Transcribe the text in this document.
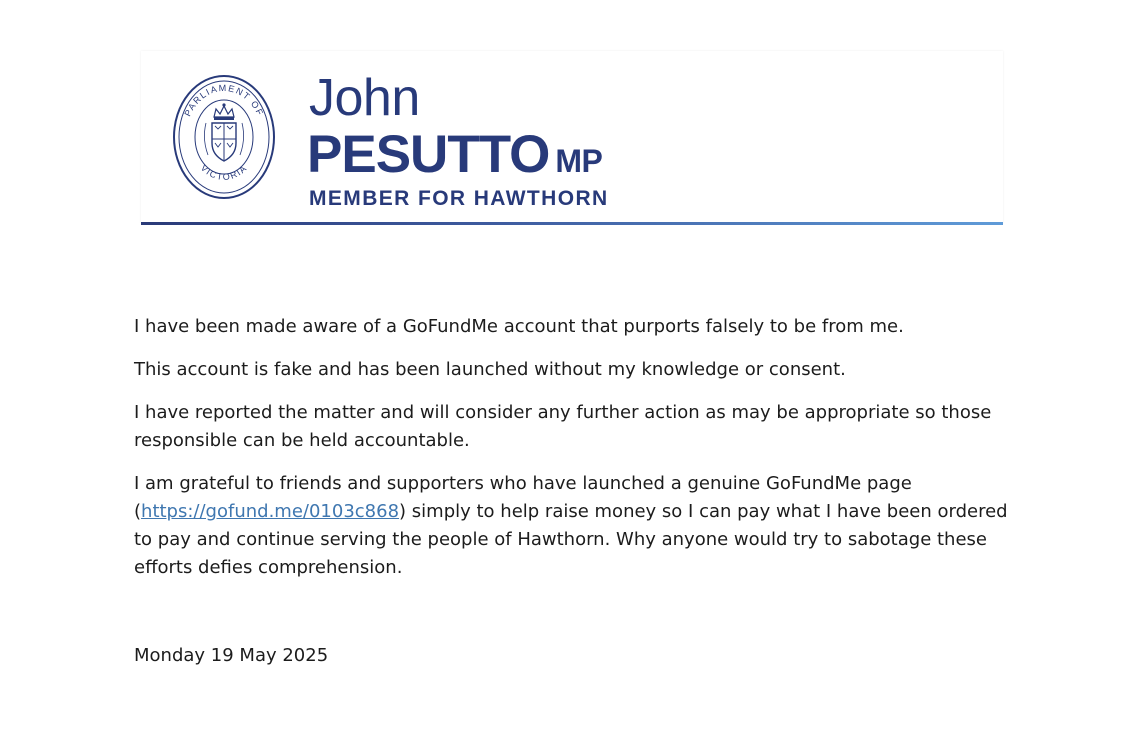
PARLIAMENT OF
VICTORIA
John
PESUTTO MP
MEMBER FOR HAWTHORN

I have been made aware of a GoFundMe account that purports falsely to be from me.

This account is fake and has been launched without my knowledge or consent.

I have reported the matter and will consider any further action as may be appropriate so those responsible can be held accountable.

I am grateful to friends and supporters who have launched a genuine GoFundMe page (https://gofund.me/0103c868) simply to help raise money so I can pay what I have been ordered to pay and continue serving the people of Hawthorn. Why anyone would try to sabotage these efforts defies comprehension.

Monday 19 May 2025
